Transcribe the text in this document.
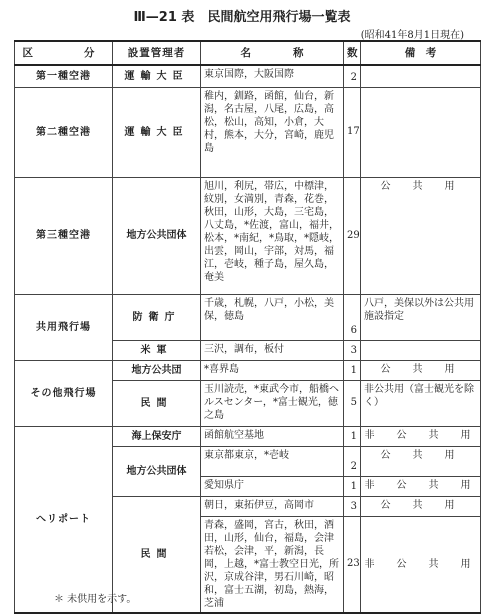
Ⅲ—21 表 民間航空用飛行場一覧表
(昭和41年8月1日現在)
区　　分	設置管理者	名　　　　称	数	備　考
第一種空港	運輸大臣	東京国際，大阪国際	2	
第二種空港	運輸大臣	稚内，釧路，函館，仙台，新潟，名古屋，八尾，広島，高松，松山，高知，小倉，大村，熊本，大分，宮崎，鹿児島	17	
第三種空港	地方公共団体	旭川，利尻，帯広，中標津，紋別，女満別，青森，花巻，秋田，山形，大島，三宅島，八丈島，*佐渡，富山，福井，松本，*南紀，*鳥取，*隠岐，出雲，岡山，宇部，対馬，福江，壱岐，種子島，屋久島，奄美	29	公　共　用
共用飛行場	防衛庁	千歳，札幌，八戸，小松，美保，徳島	6	八戸，美保以外は公共用施設指定
	米軍	三沢，調布，板付	3	
その他飛行場	地方公共団	*喜界島	1	公　共　用
	民間	玉川読売，*東武今市，船橋ヘルスセンター，*富士観光，徳之島	5	非公共用（富士観光を除く）
へリポート	海上保安庁	函館航空基地	1	非　公　共　用
	地方公共団体	東京都東京，*壱岐	2	公　共　用
		愛知県庁	1	非　公　共　用
	民間	朝日，東拓伊豆，高岡市	3	公　共　用
		青森，盛岡，宮古，秋田，酒田，山形，仙台，福島，会津若松，会津，平，新潟，長岡，上越，*富士教空日光，所沢，京成谷津，男石川崎，昭和，富士五湖，初島，熱海，芝浦	23	非　公　共　用
＊ 未供用を示す。
